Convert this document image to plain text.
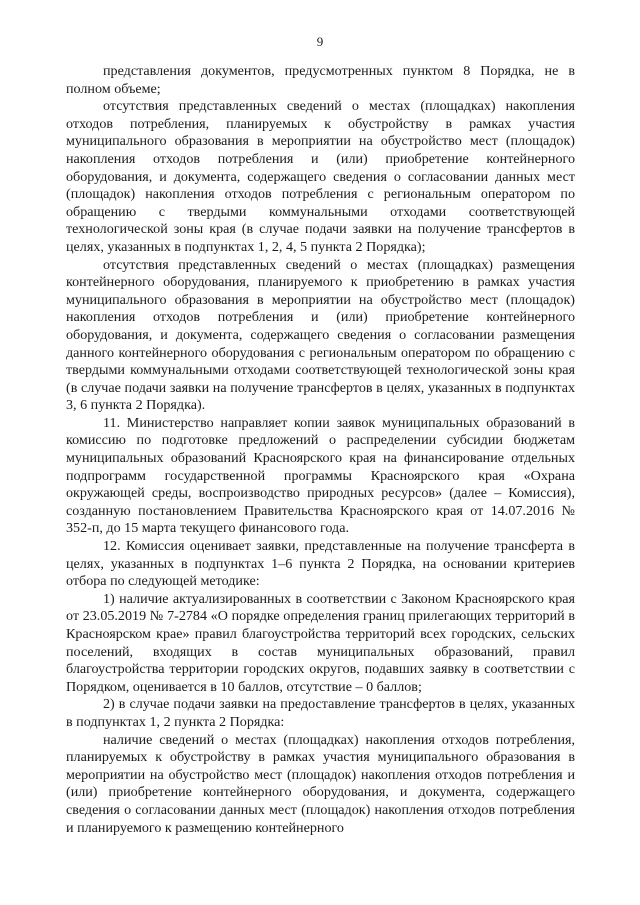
9

представления документов, предусмотренных пунктом 8 Порядка, не в полном объеме;

отсутствия представленных сведений о местах (площадках) накопления отходов потребления, планируемых к обустройству в рамках участия муниципального образования в мероприятии на обустройство мест (площадок) накопления отходов потребления и (или) приобретение контейнерного оборудования, и документа, содержащего сведения о согласовании данных мест (площадок) накопления отходов потребления с региональным оператором по обращению с твердыми коммунальными отходами соответствующей технологической зоны края (в случае подачи заявки на получение трансфертов в целях, указанных в подпунктах 1, 2, 4, 5 пункта 2 Порядка);

отсутствия представленных сведений о местах (площадках) размещения контейнерного оборудования, планируемого к приобретению в рамках участия муниципального образования в мероприятии на обустройство мест (площадок) накопления отходов потребления и (или) приобретение контейнерного оборудования, и документа, содержащего сведения о согласовании размещения данного контейнерного оборудования с региональным оператором по обращению с твердыми коммунальными отходами соответствующей технологической зоны края (в случае подачи заявки на получение трансфертов в целях, указанных в подпунктах 3, 6 пункта 2 Порядка).

11. Министерство направляет копии заявок муниципальных образований в комиссию по подготовке предложений о распределении субсидии бюджетам муниципальных образований Красноярского края на финансирование отдельных подпрограмм государственной программы Красноярского края «Охрана окружающей среды, воспроизводство природных ресурсов» (далее – Комиссия), созданную постановлением Правительства Красноярского края от 14.07.2016 № 352-п, до 15 марта текущего финансового года.

12. Комиссия оценивает заявки, представленные на получение трансферта в целях, указанных в подпунктах 1–6 пункта 2 Порядка, на основании критериев отбора по следующей методике:

1) наличие актуализированных в соответствии с Законом Красноярского края от 23.05.2019 № 7-2784 «О порядке определения границ прилегающих территорий в Красноярском крае» правил благоустройства территорий всех городских, сельских поселений, входящих в состав муниципальных образований, правил благоустройства территории городских округов, подавших заявку в соответствии с Порядком, оценивается в 10 баллов, отсутствие – 0 баллов;

2) в случае подачи заявки на предоставление трансфертов в целях, указанных в подпунктах 1, 2 пункта 2 Порядка:

наличие сведений о местах (площадках) накопления отходов потребления, планируемых к обустройству в рамках участия муниципального образования в мероприятии на обустройство мест (площадок) накопления отходов потребления и (или) приобретение контейнерного оборудования, и документа, содержащего сведения о согласовании данных мест (площадок) накопления отходов потребления и планируемого к размещению контейнерного
